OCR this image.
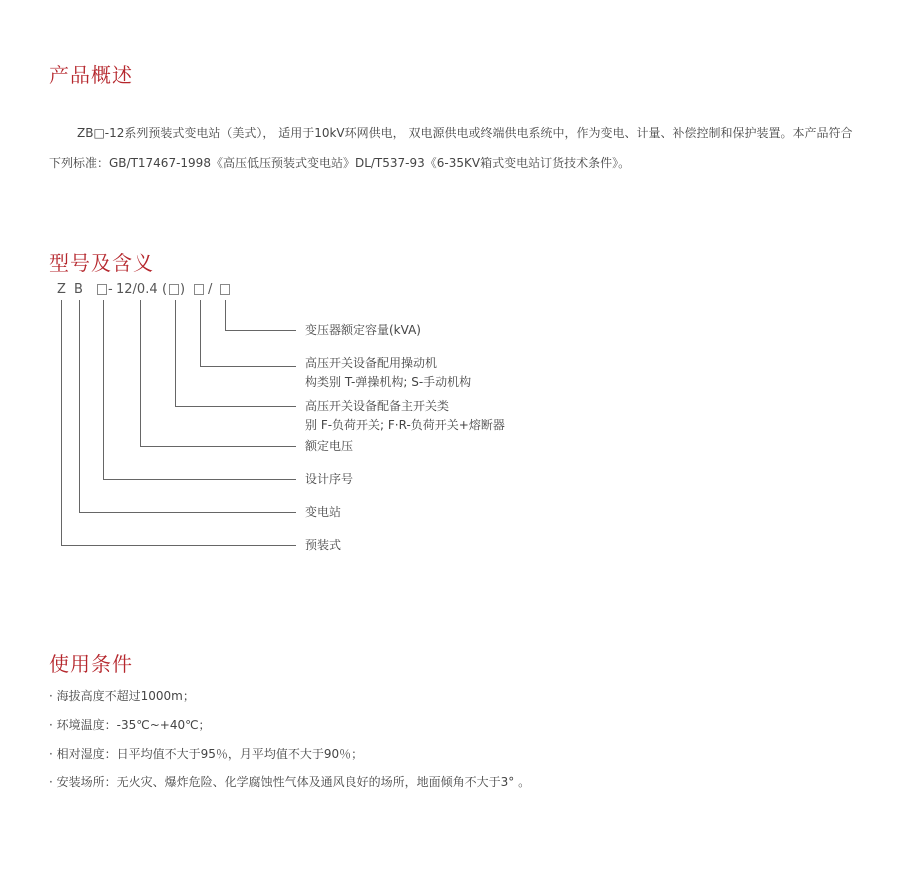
产品概述

ZB□-12系列预装式变电站（美式）， 适用于10kV环网供电， 双电源供电或终端供电系统中，作为变电、计量、补偿控制和保护装置。本产品符合下列标准：GB/T17467-1998《高压低压预装式变电站》DL/T537-93《6-35KV箱式变电站订货技术条件》。

型号及含义
Z B - 12/0.4 ( ) /
变压器额定容量(kVA)
高压开关设备配用操动机
构类别 T-弹操机构; S-手动机构
高压开关设备配备主开关类
别 F-负荷开关; F·R-负荷开关+熔断器
额定电压
设计序号
变电站
预装式
使用条件
· 海拔高度不超过1000m；
· 环境温度：-35℃~+40℃；
· 相对湿度：日平均值不大于95％，月平均值不大于90％；
· 安装场所：无火灾、爆炸危险、化学腐蚀性气体及通风良好的场所，地面倾角不大于3° 。
